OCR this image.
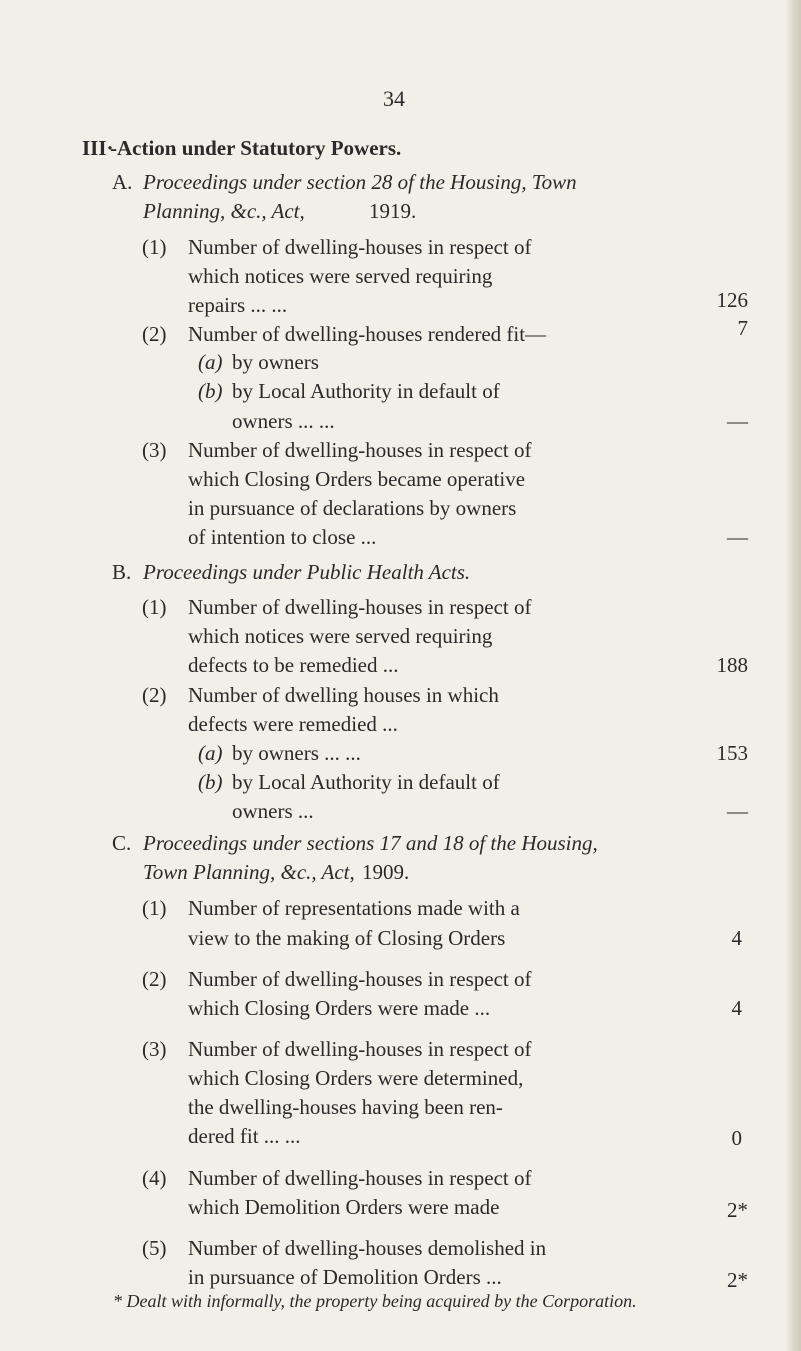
34
III·
-Action under Statutory Powers.
A. Proceedings under section 28 of the Housing, Town
Planning, &c., Act,	1919.
(1) Number of dwelling-houses in respect of
which notices were served requiring
repairs ... ...	126
(2) Number of dwelling-houses rendered fit—	7
(a) by owners
(b) by Local Authority in default of
owners ... ...	—
(3) Number of dwelling-houses in respect of
which Closing Orders became operative
in pursuance of declarations by owners
of intention to close ...	—
B. Proceedings under Public Health Acts.
(1) Number of dwelling-houses in respect of
which notices were served requiring
defects to be remedied ...	188
(2) Number of dwelling houses in which
defects were remedied ...
(a) by owners ... ...	153
(b) by Local Authority in default of
owners ...	—
C. Proceedings under sections 17 and 18 of the Housing,
Town Planning, &c., Act, 1909.
(1) Number of representations made with a
view to the making of Closing Orders	4
(2) Number of dwelling-houses in respect of
which Closing Orders were made ...	4
(3) Number of dwelling-houses in respect of
which Closing Orders were determined,
the dwelling-houses having been ren-
dered fit ... ...	0
(4) Number of dwelling-houses in respect of
which Demolition Orders were made	2*
(5) Number of dwelling-houses demolished in
in pursuance of Demolition Orders ...	2*
* Dealt with informally, the property being acquired by the Corporation.
